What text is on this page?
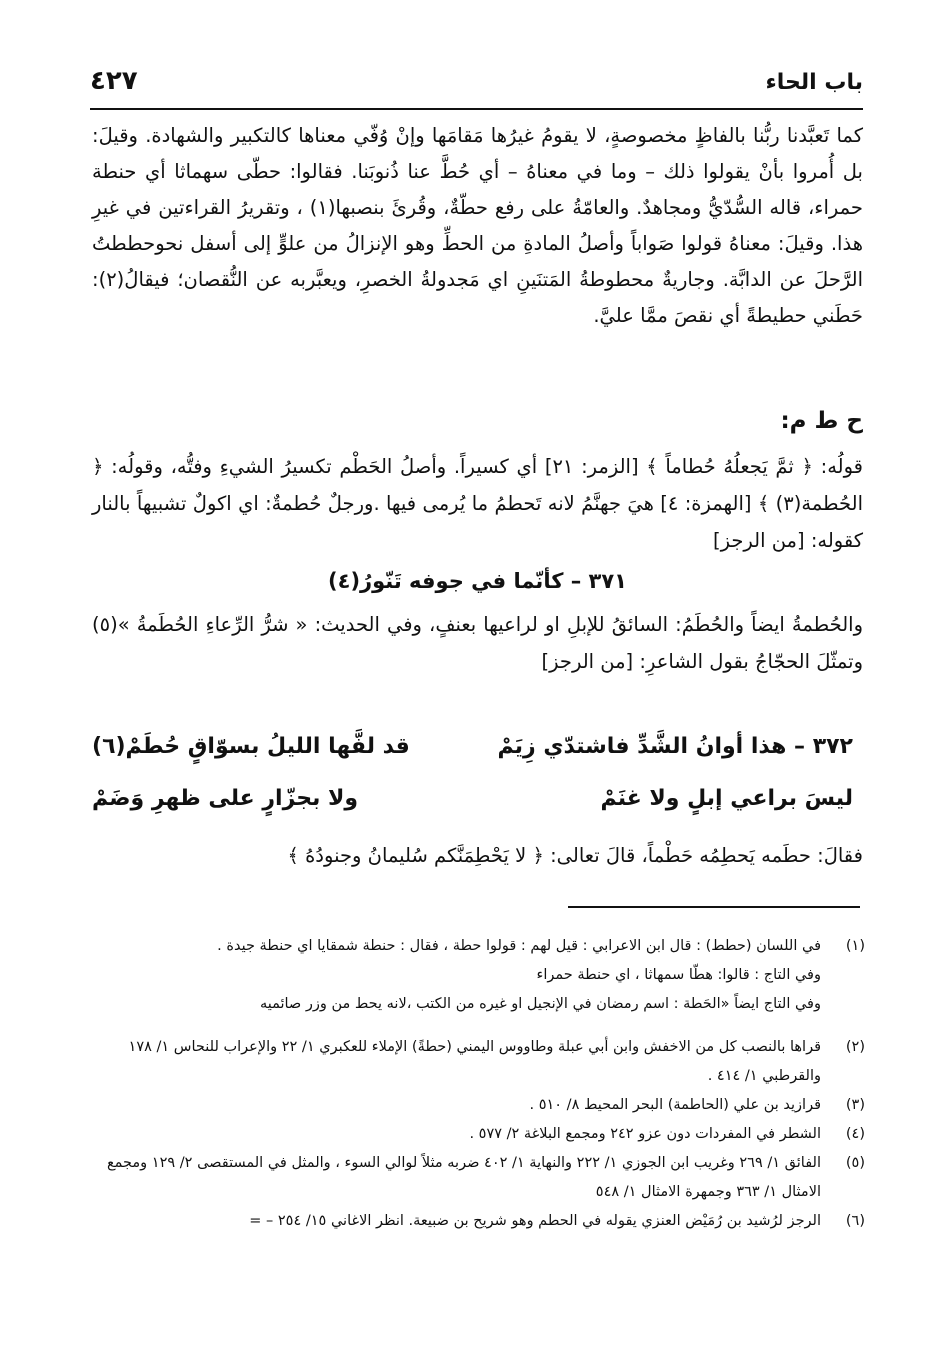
باب الحاء
٤٢٧

كما تَعبَّدنا ربُّنا بالفاظٍ مخصوصةٍ، لا يقومُ غيرُها مَقامَها وإنْ وُفّي معناها كالتكبير والشهادة. وقيلَ: بل أُمروا بأنْ يقولوا ذلك – وما في معناهُ – أي حُطَّ عنا ذُنوبَنا. فقالوا: حطّى سهماثا أي حنطة حمراء، قاله السُّدّيُّ ومجاهدٌ. والعامّةُ على رفع حطّةٌ، وقُرئَ بنصبها(١) ، وتقريرُ القراءتين في غيرِ هذا. وقيلَ: معناهُ قولوا صَواباً وأصلُ المادةِ من الحطِّ وهو الإنزالُ من علوٍّ إلى أسفل نحوحططتُ الرَّحلَ عن الدابَّة. وجاريةٌ محطوطةُ المَتنَينِ اي مَجدولةُ الخصرِ، ويعبَّربه عن النُّقصان؛ فيقالُ(٢): حَطَني حطيطةً أي نقصَ ممَّا عليَّ.

ح ط م:

قولُه: ﴿ ثمَّ يَجعلُهُ حُطاماً ﴾ [الزمر: ٢١] أي كسيراً. وأصلُ الحَطْم تكسيرُ الشيءِ وفتُّه، وقولُه: ﴿ الحُطمة(٣) ﴾ [الهمزة: ٤] هيَ جهنَّمُ لانه تَحطمُ ما يُرمى فيها .ورجلٌ حُطمةٌ: اي اكولٌ تشبيهاً بالنار كقوله: [من الرجز]

٣٧١ – كأنّما في جوفه تَنّورُ(٤)

والحُطمةُ ايضاً والحُطَمُ: السائقُ للإبلِ او لراعيها بعنفٍ، وفي الحديث: « شرُّ الرِّعاءِ الحُطَمةُ »(٥) وتمثّلَ الحجّاجُ بقول الشاعرِ: [من الرجز]

٣٧٢ – هذا أوانُ الشَّدِّ فاشتدّي زِيَمْ
قد لفَّها الليلُ بسوّاقٍ حُطَمْ(٦)
ليسَ براعي إبلٍ ولا غنَمْ
ولا بجزّارٍ على ظهرِ وَضَمْ
فقالَ: حطَمه يَحطِمُه حَطْماً، قالَ تعالى: ﴿ لا يَحْطِمَنَّكم سُليمانُ وجنودُهُ ﴾
(١)
في اللسان (حطط) : قال ابن الاعرابي : قيل لهم : قولوا حطة ، فقال : حنطة شمقايا اي حنطة جيدة .
وفي التاج : قالوا: هطّا سمهاثا ، اي حنطة حمراء
وفي التاج ايضاً «الحَطة : اسم رمضان في الإنجيل او غيره من الكتب ،لانه يحط من وزر صائميه
(٢)
قراها بالنصب كل من الاخفش وابن أبي عبلة وطاووس اليمني (حطةً) الإملاء للعكبري ١/ ٢٢ والإعراب للنحاس ١/ ١٧٨ والقرطبي ١/ ٤١٤ .
(٣)
قرازيد بن علي (الحاطمة) البحر المحيط ٨/ ٥١٠ .
(٤)
الشطر في المفردات دون عزو ٢٤٢ ومجمع البلاغة ٢/ ٥٧٧ .
(٥)
الفائق ١/ ٢٦٩ وغريب ابن الجوزي ١/ ٢٢٢ والنهاية ١/ ٤٠٢ ضربه مثلاً لوالي السوء ، والمثل في المستقصى ٢/ ١٢٩ ومجمع الامثال ١/ ٣٦٣ وجمهرة الامثال ١/ ٥٤٨
(٦)
الرجز لرُشيد بن رُمَيْض العنزي يقوله في الحطم وهو شريح بن ضبيعة. انظر الاغاني ١٥/ ٢٥٤ – =
